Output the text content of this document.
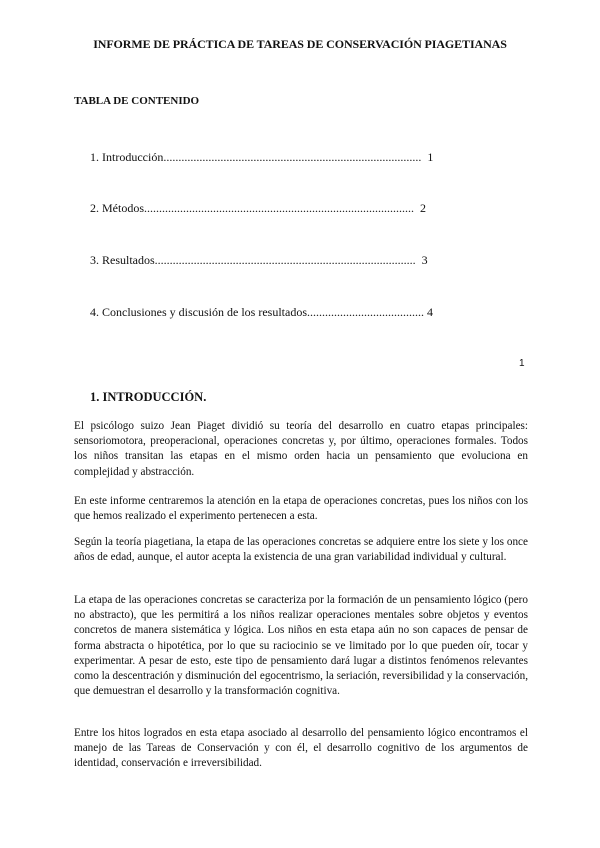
INFORME DE PRÁCTICA DE TAREAS DE CONSERVACIÓN PIAGETIANAS
TABLA DE CONTENIDO
1. Introducción...................................................................................... 1
2. Métodos.......................................................................................... 2
3. Resultados....................................................................................... 3
4. Conclusiones y discusión de los resultados....................................... 4
1
1. INTRODUCCIÓN.

El psicólogo suizo Jean Piaget dividió su teoría del desarrollo en cuatro etapas principales: sensoriomotora, preoperacional, operaciones concretas y, por último, operaciones formales. Todos los niños transitan las etapas en el mismo orden hacia un pensamiento que evoluciona en complejidad y abstracción.

En este informe centraremos la atención en la etapa de operaciones concretas, pues los niños con los que hemos realizado el experimento pertenecen a esta.

Según la teoría piagetiana, la etapa de las operaciones concretas se adquiere entre los siete y los once años de edad, aunque, el autor acepta la existencia de una gran variabilidad individual y cultural.

La etapa de las operaciones concretas se caracteriza por la formación de un pensamiento lógico (pero no abstracto), que les permitirá a los niños realizar operaciones mentales sobre objetos y eventos concretos de manera sistemática y lógica. Los niños en esta etapa aún no son capaces de pensar de forma abstracta o hipotética, por lo que su raciocinio se ve limitado por lo que pueden oír, tocar y experimentar. A pesar de esto, este tipo de pensamiento dará lugar a distintos fenómenos relevantes como la descentración y disminución del egocentrismo, la seriación, reversibilidad y la conservación, que demuestran el desarrollo y la transformación cognitiva.

Entre los hitos logrados en esta etapa asociado al desarrollo del pensamiento lógico encontramos el manejo de las Tareas de Conservación y con él, el desarrollo cognitivo de los argumentos de identidad, conservación e irreversibilidad.
